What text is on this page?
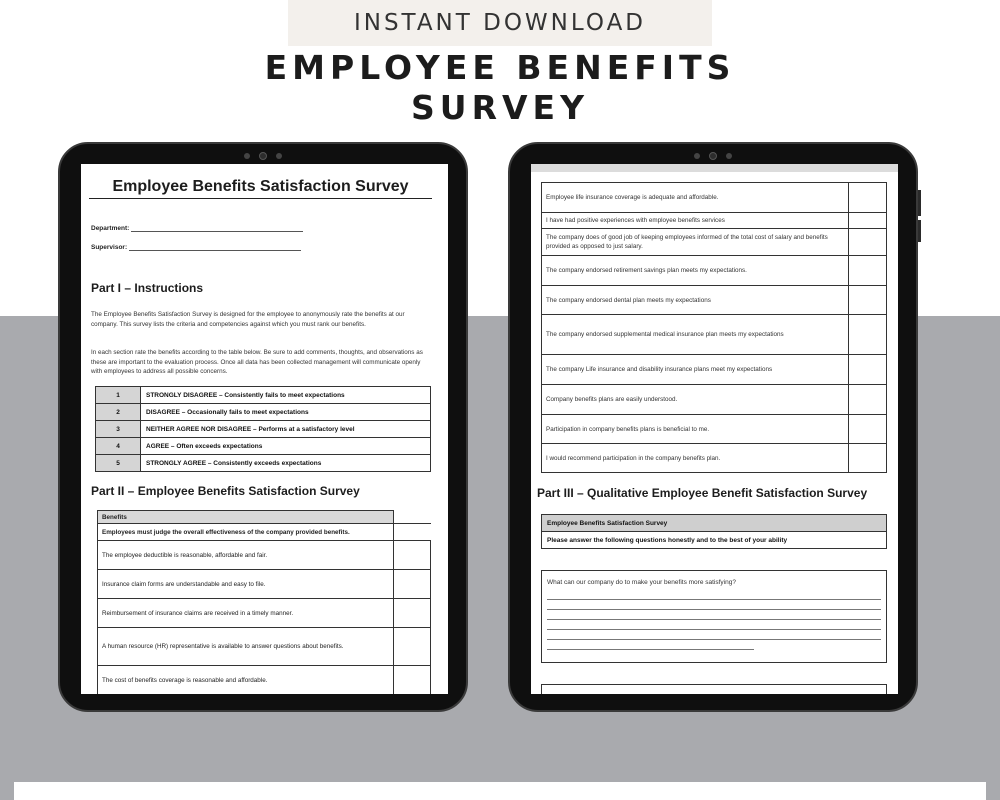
INSTANT DOWNLOAD
EMPLOYEE BENEFITS
SURVEY
Employee Benefits Satisfaction Survey
Department:
Supervisor:
Part I – Instructions
The Employee Benefits Satisfaction Survey is designed for the employee to anonymously rate the benefits at our company. This survey lists the criteria and competencies against which you must rank our benefits.
In each section rate the benefits according to the table below. Be sure to add comments, thoughts, and observations as these are important to the evaluation process. Once all data has been collected management will communicate openly with employees to address all possible concerns.
1	STRONGLY DISAGREE – Consistently fails to meet expectations
2	DISAGREE – Occasionally fails to meet expectations
3	NEITHER AGREE NOR DISAGREE – Performs at a satisfactory level
4	AGREE – Often exceeds expectations
5	STRONGLY AGREE – Consistently exceeds expectations
Part II – Employee Benefits Satisfaction Survey
Benefits	
Employees must judge the overall effectiveness of the company provided benefits.	
The employee deductible is reasonable, affordable and fair.	
Insurance claim forms are understandable and easy to file.	
Reimbursement of insurance claims are received in a timely manner.	
A human resource (HR) representative is available to answer questions about benefits.	
The cost of benefits coverage is reasonable and affordable.	
Employee life insurance coverage is adequate and affordable.	
I have had positive experiences with employee benefits services	
The company does of good job of keeping employees informed of the total cost of salary and benefits provided as opposed to just salary.	
The company endorsed retirement savings plan meets my expectations.	
The company endorsed dental plan meets my expectations	
The company endorsed supplemental medical insurance plan meets my expectations	
The company Life insurance and disability insurance plans meet my expectations	
Company benefits plans are easily understood.	
Participation in company benefits plans is beneficial to me.	
I would recommend participation in the company benefits plan.	
Part III – Qualitative Employee Benefit Satisfaction Survey
Employee Benefits Satisfaction Survey
Please answer the following questions honestly and to the best of your ability
What can our company do to make your benefits more satisfying?
